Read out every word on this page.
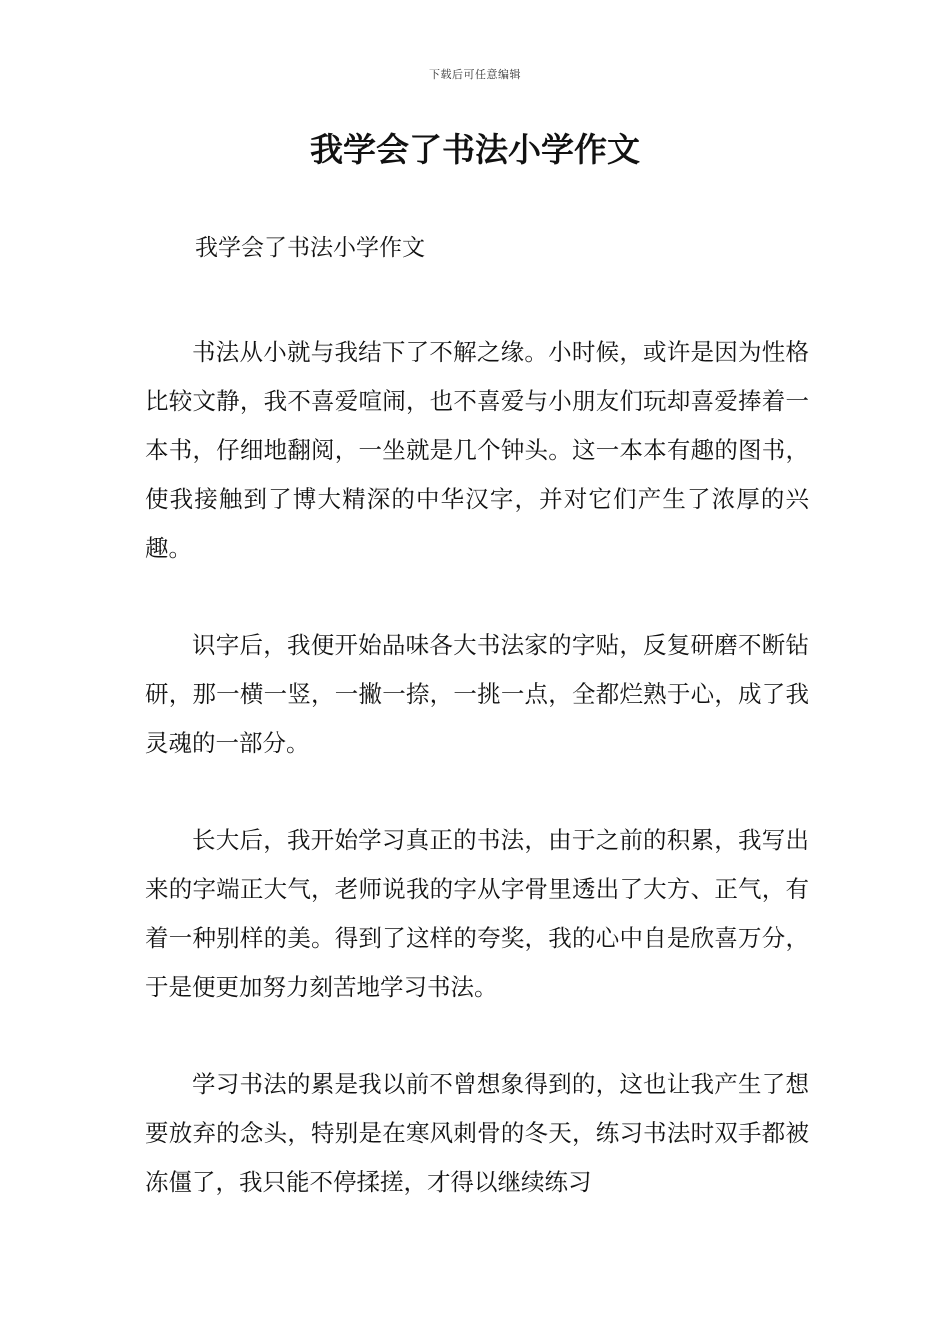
下载后可任意编辑
我学会了书法小学作文

我学会了书法小学作文

书法从小就与我结下了不解之缘。小时候，或许是因为性格比较文静，我不喜爱喧闹，也不喜爱与小朋友们玩却喜爱捧着一本书，仔细地翻阅，一坐就是几个钟头。这一本本有趣的图书，使我接触到了博大精深的中华汉字，并对它们产生了浓厚的兴趣。

识字后，我便开始品味各大书法家的字贴，反复研磨不断钻研，那一横一竖，一撇一捺，一挑一点，全都烂熟于心，成了我灵魂的一部分。

长大后，我开始学习真正的书法，由于之前的积累，我写出来的字端正大气，老师说我的字从字骨里透出了大方、正气，有着一种别样的美。得到了这样的夸奖，我的心中自是欣喜万分，于是便更加努力刻苦地学习书法。

学习书法的累是我以前不曾想象得到的，这也让我产生了想要放弃的念头，特别是在寒风刺骨的冬天，练习书法时双手都被冻僵了，我只能不停揉搓，才得以继续练习
